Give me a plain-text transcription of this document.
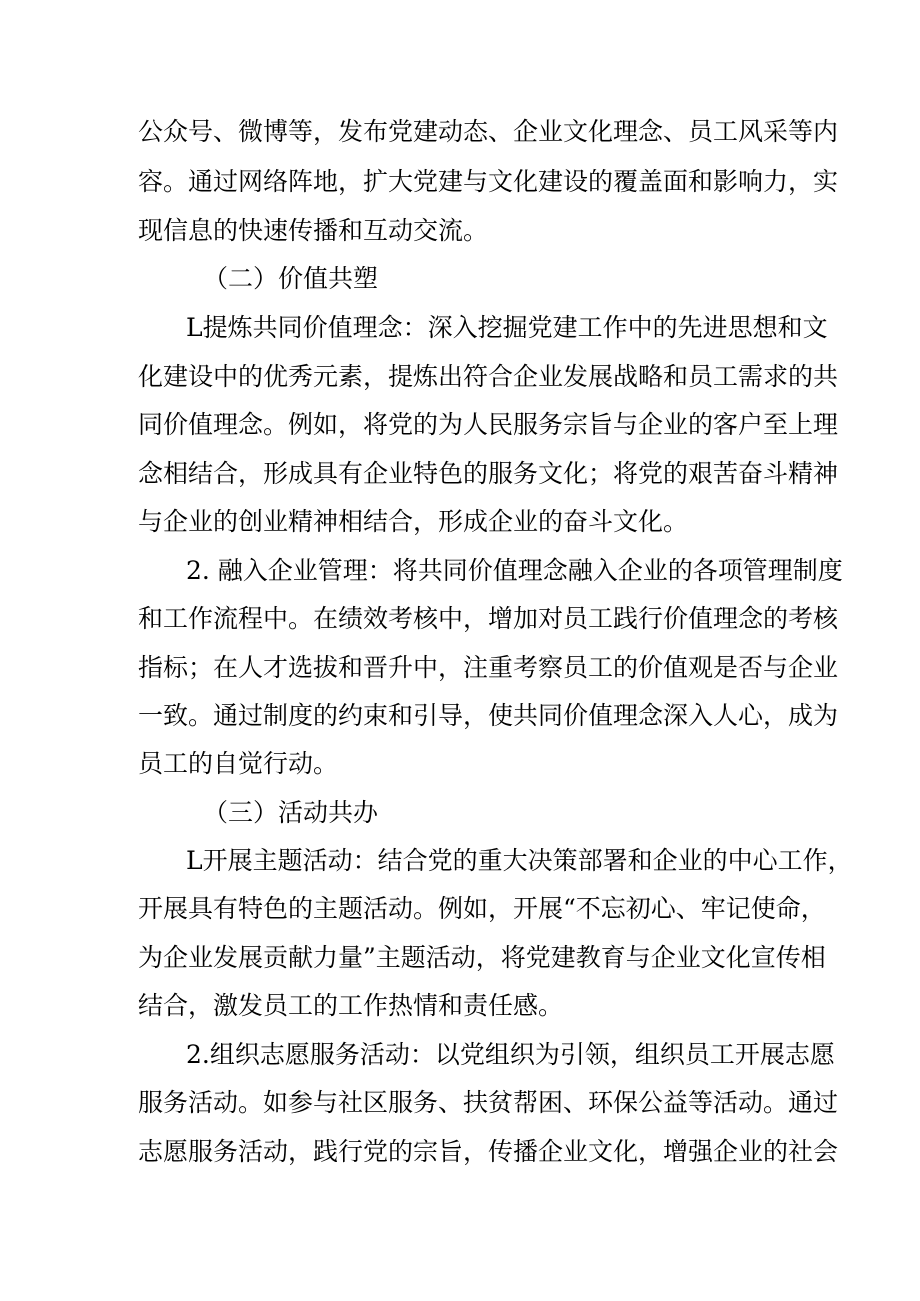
公众号、微博等，发布党建动态、企业文化理念、员工风采等内
容。通过网络阵地，扩大党建与文化建设的覆盖面和影响力，实
现信息的快速传播和互动交流。
（二）价值共塑
L提炼共同价值理念：深入挖掘党建工作中的先进思想和文
化建设中的优秀元素，提炼出符合企业发展战略和员工需求的共
同价值理念。例如，将党的为人民服务宗旨与企业的客户至上理
念相结合，形成具有企业特色的服务文化；将党的艰苦奋斗精神
与企业的创业精神相结合，形成企业的奋斗文化。
2. 融入企业管理：将共同价值理念融入企业的各项管理制度
和工作流程中。在绩效考核中，增加对员工践行价值理念的考核
指标；在人才选拔和晋升中，注重考察员工的价值观是否与企业
一致。通过制度的约束和引导，使共同价值理念深入人心，成为
员工的自觉行动。
（三）活动共办
L开展主题活动：结合党的重大决策部署和企业的中心工作，
开展具有特色的主题活动。例如，开展“不忘初心、牢记使命，
为企业发展贡献力量”主题活动，将党建教育与企业文化宣传相
结合，激发员工的工作热情和责任感。
2.组织志愿服务活动：以党组织为引领，组织员工开展志愿
服务活动。如参与社区服务、扶贫帮困、环保公益等活动。通过
志愿服务活动，践行党的宗旨，传播企业文化，增强企业的社会
